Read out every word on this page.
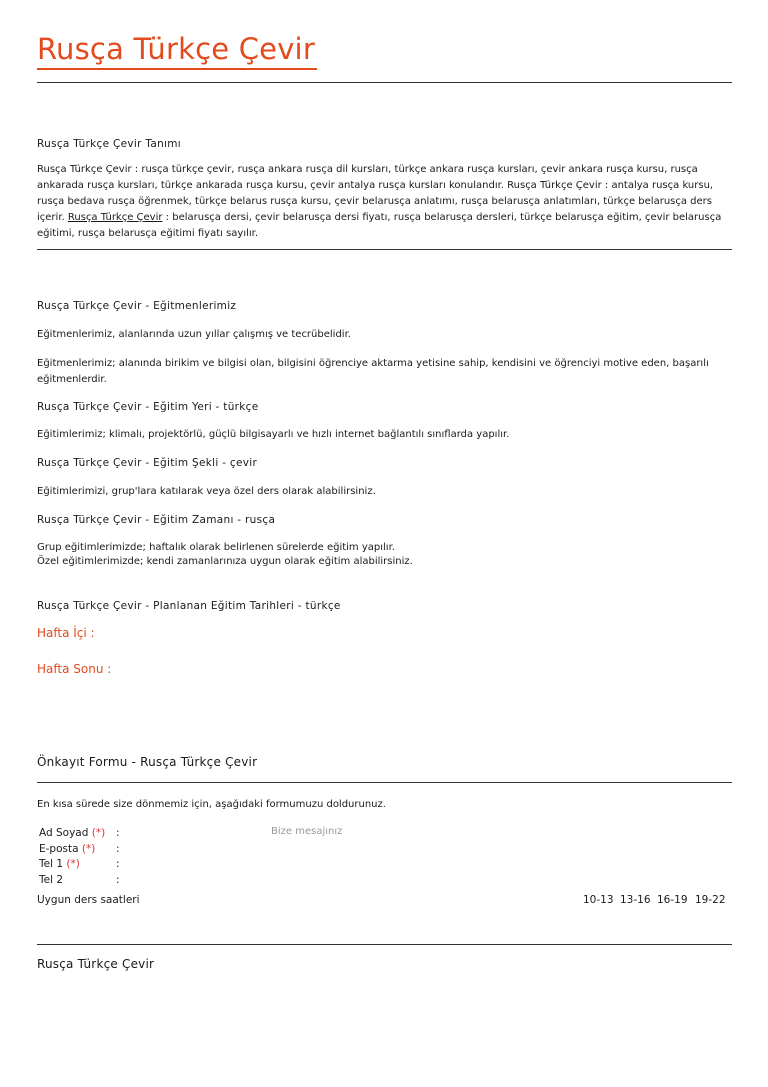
Rusça Türkçe Çevir
Rusça Türkçe Çevir Tanımı
Rusça Türkçe Çevir : rusça türkçe çevir, rusça ankara rusça dil kursları, türkçe ankara rusça kursları, çevir ankara rusça kursu, rusça ankarada rusça kursları, türkçe ankarada rusça kursu, çevir antalya rusça kursları konulandır. Rusça Türkçe Çevir : antalya rusça kursu, rusça bedava rusça öğrenmek, türkçe belarus rusça kursu, çevir belarusça anlatımı, rusça belarusça anlatımları, türkçe belarusça ders içerir. Rusça Türkçe Çevir : belarusça dersi, çevir belarusça dersi fiyatı, rusça belarusça dersleri, türkçe belarusça eğitim, çevir belarusça eğitimi, rusça belarusça eğitimi fiyatı sayılır.
Rusça Türkçe Çevir - Eğitmenlerimiz
Eğitmenlerimiz, alanlarında uzun yıllar çalışmış ve tecrübelidir.
Eğitmenlerimiz; alanında birikim ve bilgisi olan, bilgisini öğrenciye aktarma yetisine sahip, kendisini ve öğrenciyi motive eden, başarılı eğitmenlerdir.
Rusça Türkçe Çevir - Eğitim Yeri - türkçe
Eğitimlerimiz; klimalı, projektörlü, güçlü bilgisayarlı ve hızlı internet bağlantılı sınıflarda yapılır.
Rusça Türkçe Çevir - Eğitim Şekli - çevir
Eğitimlerimizi, grup'lara katılarak veya özel ders olarak alabilirsiniz.
Rusça Türkçe Çevir - Eğitim Zamanı - rusça
Grup eğitimlerimizde; haftalık olarak belirlenen sürelerde eğitim yapılır.
Özel eğitimlerimizde; kendi zamanlarınıza uygun olarak eğitim alabilirsiniz.
Rusça Türkçe Çevir - Planlanan Eğitim Tarihleri - türkçe
Hafta İçi :
Hafta Sonu :
Önkayıt Formu - Rusça Türkçe Çevir
En kısa sürede size dönmemiz için, aşağıdaki formumuzu doldurunuz.
Ad Soyad (*) :
E-posta (*) :
Tel 1 (*)	:
Tel 2	:
Bize mesajınız
Uygun ders saatleri	10-13 13-16 16-19 19-22
Rusça Türkçe Çevir
